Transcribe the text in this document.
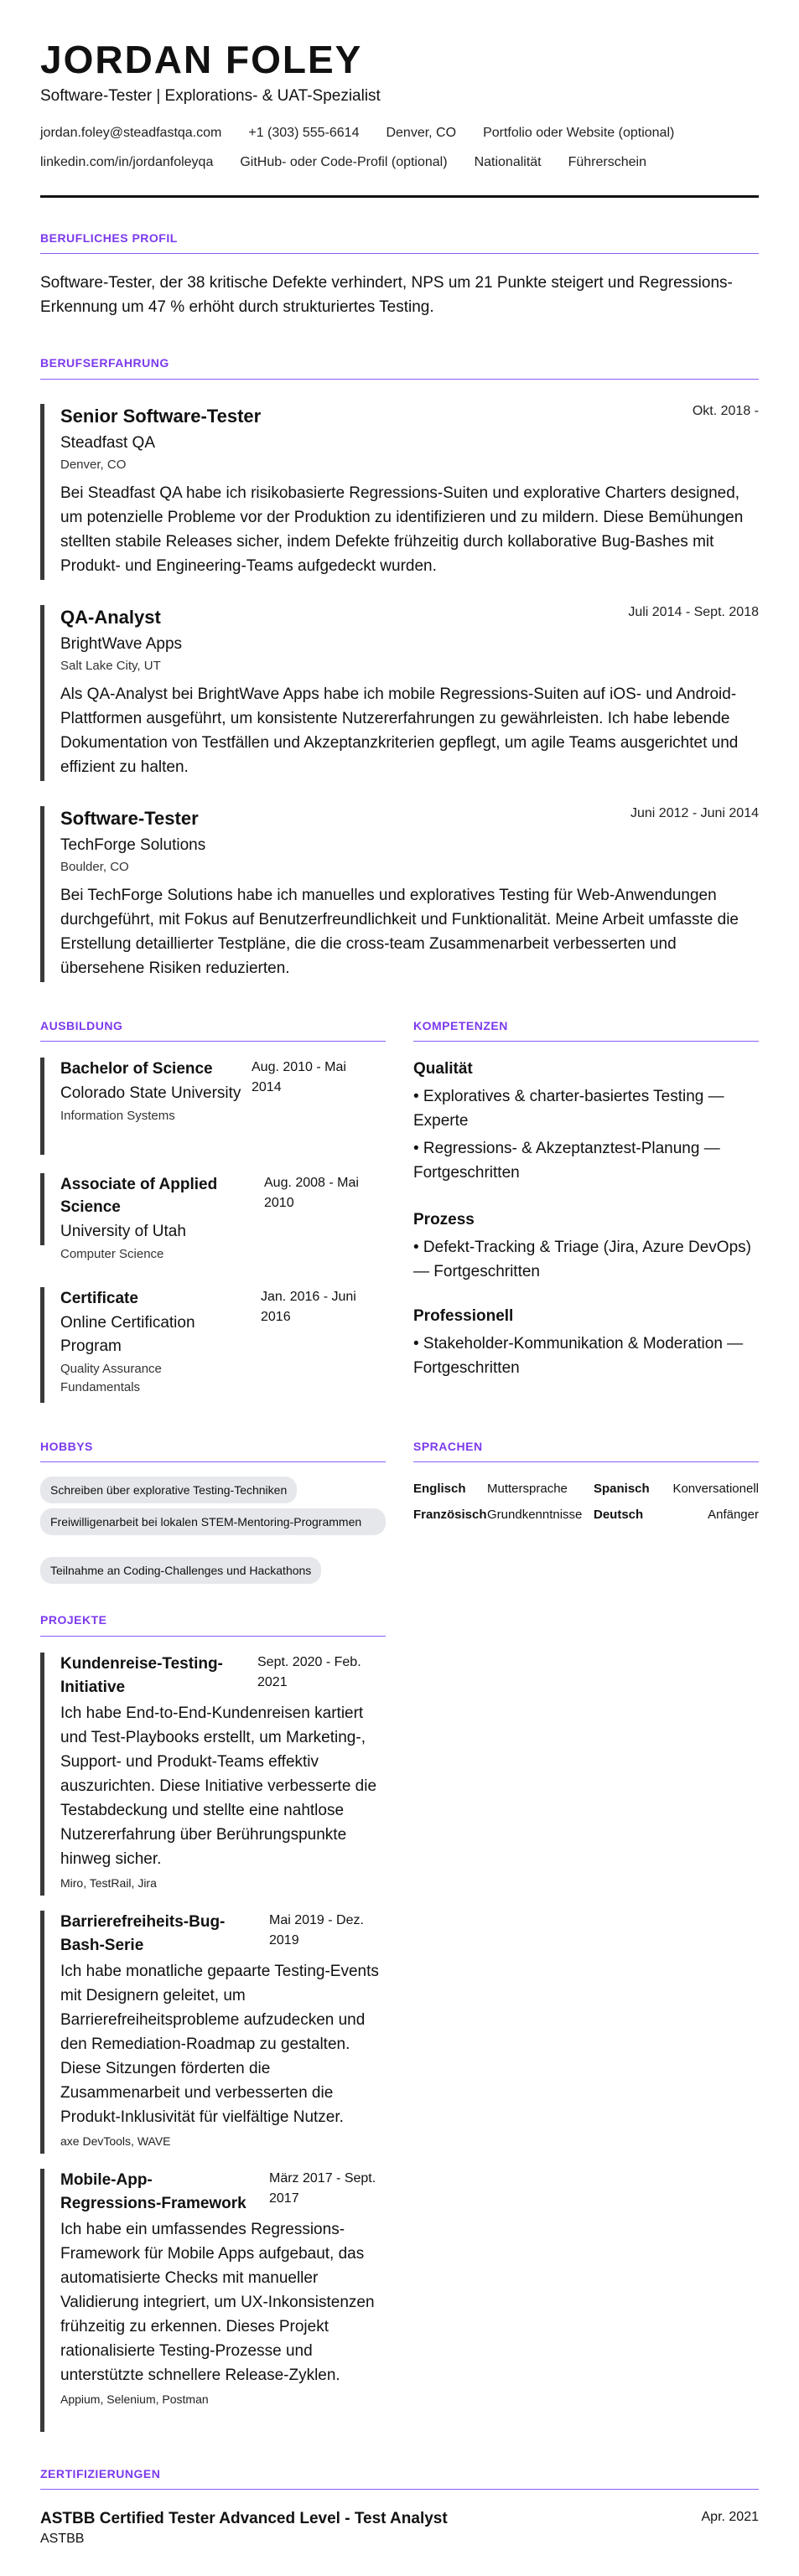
JORDAN FOLEY

Software-Tester | Explorations- & UAT-Spezialist

jordan.foley@steadfastqa.com +1 (303) 555-6614 Denver, CO Portfolio oder Website (optional)
linkedin.com/in/jordanfoleyqa GitHub- oder Code-Profil (optional) Nationalität Führerschein
BERUFLICHES PROFIL

Software-Tester, der 38 kritische Defekte verhindert, NPS um 21 Punkte steigert und Regressions-Erkennung um 47 % erhöht durch strukturiertes Testing.

BERUFSERFAHRUNG

Senior Software-Tester	Okt. 2018 -

Steadfast QA

Denver, CO

Bei Steadfast QA habe ich risikobasierte Regressions-Suiten und explorative Charters designed, um potenzielle Probleme vor der Produktion zu identifizieren und zu mildern. Diese Bemühungen stellten stabile Releases sicher, indem Defekte frühzeitig durch kollaborative Bug-Bashes mit Produkt- und Engineering-Teams aufgedeckt wurden.

QA-Analyst	Juli 2014 - Sept. 2018

BrightWave Apps

Salt Lake City, UT

Als QA-Analyst bei BrightWave Apps habe ich mobile Regressions-Suiten auf iOS- und Android-Plattformen ausgeführt, um konsistente Nutzererfahrungen zu gewährleisten. Ich habe lebende Dokumentation von Testfällen und Akzeptanzkriterien gepflegt, um agile Teams ausgerichtet und effizient zu halten.

Software-Tester	Juni 2012 - Juni 2014

TechForge Solutions

Boulder, CO

Bei TechForge Solutions habe ich manuelles und exploratives Testing für Web-Anwendungen durchgeführt, mit Fokus auf Benutzerfreundlichkeit und Funktionalität. Meine Arbeit umfasste die Erstellung detaillierter Testpläne, die die cross-team Zusammenarbeit verbesserten und übersehene Risiken reduzierten.

AUSBILDUNG

Bachelor of Science	Aug. 2010 - Mai 2014

Colorado State University

Information Systems

Associate of Applied Science

Aug. 2008 - Mai 2010

University of Utah

Computer Science

Certificate	Jan. 2016 - Juni 2016

Online Certification Program

Quality Assurance Fundamentals

KOMPETENZEN

Qualität

• Exploratives & charter-basiertes Testing — Experte

• Regressions- & Akzeptanztest-Planung — Fortgeschritten

Prozess

• Defekt-Tracking & Triage (Jira, Azure DevOps) — Fortgeschritten

Professionell

• Stakeholder-Kommunikation & Moderation — Fortgeschritten

HOBBYS
Schreiben über explorative Testing-Techniken
Freiwilligenarbeit bei lokalen STEM-Mentoring-Programmen
Teilnahme an Coding-Challenges und Hackathons
SPRACHEN
Englisch Muttersprache Spanisch Konversationell
Französisch Grundkenntnisse Deutsch	Anfänger
PROJEKTE

Kundenreise-Testing-Initiative

Sept. 2020 - Feb. 2021

Ich habe End-to-End-Kundenreisen kartiert und Test-Playbooks erstellt, um Marketing-, Support- und Produkt-Teams effektiv auszurichten. Diese Initiative verbesserte die Testabdeckung und stellte eine nahtlose Nutzererfahrung über Berührungspunkte hinweg sicher.

Miro, TestRail, Jira

Barrierefreiheits-Bug-Bash-Serie

Mai 2019 - Dez. 2019

Ich habe monatliche gepaarte Testing-Events mit Designern geleitet, um Barrierefreiheitsprobleme aufzudecken und den Remediation-Roadmap zu gestalten. Diese Sitzungen förderten die Zusammenarbeit und verbesserten die Produkt-Inklusivität für vielfältige Nutzer.

axe DevTools, WAVE

Mobile-App-Regressions-Framework

März 2017 - Sept. 2017

Ich habe ein umfassendes Regressions-Framework für Mobile Apps aufgebaut, das automatisierte Checks mit manueller Validierung integriert, um UX-Inkonsistenzen frühzeitig zu erkennen. Dieses Projekt rationalisierte Testing-Prozesse und unterstützte schnellere Release-Zyklen.

Appium, Selenium, Postman

ZERTIFIZIERUNGEN

ASTBB Certified Tester Advanced Level - Test Analyst	Apr. 2021

ASTBB
